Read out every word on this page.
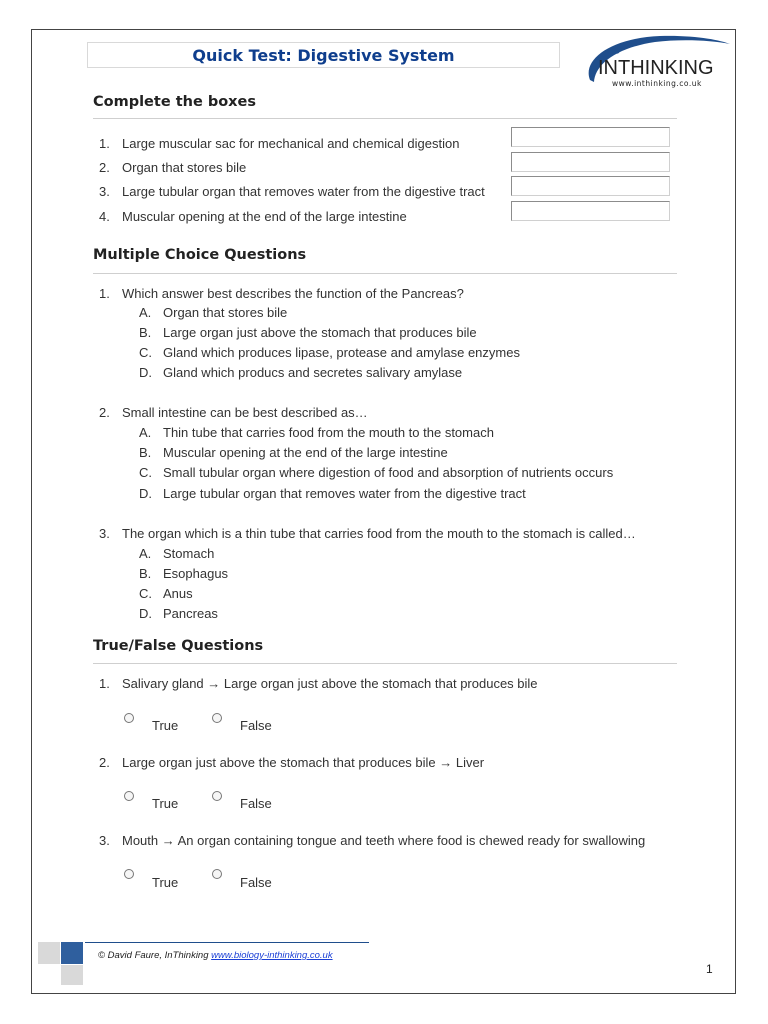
Quick Test: Digestive System
INTHINKING
www.inthinking.co.uk
Complete the boxes
1. Large muscular sac for mechanical and chemical digestion
2. Organ that stores bile
3. Large tubular organ that removes water from the digestive tract
4. Muscular opening at the end of the large intestine
Multiple Choice Questions
1. Which answer best describes the function of the Pancreas?
A. Organ that stores bile
B. Large organ just above the stomach that produces bile
C. Gland which produces lipase, protease and amylase enzymes
D. Gland which producs and secretes salivary amylase
2. Small intestine can be best described as…
A. Thin tube that carries food from the mouth to the stomach
B. Muscular opening at the end of the large intestine
C. Small tubular organ where digestion of food and absorption of nutrients occurs
D. Large tubular organ that removes water from the digestive tract
3. The organ which is a thin tube that carries food from the mouth to the stomach is called…
A. Stomach
B. Esophagus
C. Anus
D. Pancreas
True/False Questions
1. Salivary gland → Large organ just above the stomach that produces bile
True	False
2. Large organ just above the stomach that produces bile → Liver
True	False
3. Mouth → An organ containing tongue and teeth where food is chewed ready for swallowing
True	False
© David Faure, InThinking www.biology-inthinking.co.uk
1
